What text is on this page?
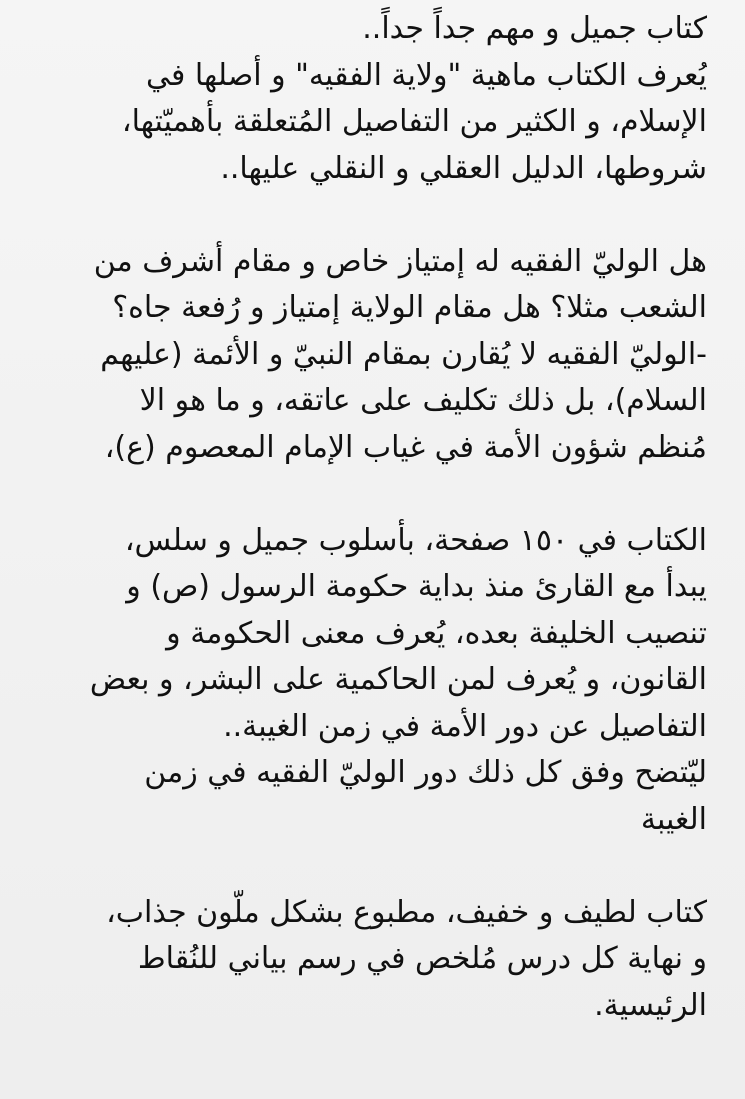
كتاب جميل و مهم جداً جداً..
يُعرف الكتاب ماهية "ولاية الفقيه" و أصلها في
الإسلام، و الكثير من التفاصيل المُتعلقة بأهميّتها،
شروطها، الدليل العقلي و النقلي عليها..
هل الوليّ الفقيه له إمتياز خاص و مقام أشرف من
الشعب مثلا؟ هل مقام الولاية إمتياز و رُفعة جاه؟
-الوليّ الفقيه لا يُقارن بمقام النبيّ و الأئمة (عليهم
السلام)، بل ذلك تكليف على عاتقه، و ما هو الا
مُنظم شؤون الأمة في غياب الإمام المعصوم (ع)،
الكتاب في ١٥٠ صفحة، بأسلوب جميل و سلس،
يبدأ مع القارئ منذ بداية حكومة الرسول (ص) و
تنصيب الخليفة بعده، يُعرف معنى الحكومة و
القانون، و يُعرف لمن الحاكمية على البشر، و بعض
التفاصيل عن دور الأمة في زمن الغيبة..
ليّتضح وفق كل ذلك دور الوليّ الفقيه في زمن
الغيبة
كتاب لطيف و خفيف، مطبوع بشكل ملّون جذاب،
و نهاية كل درس مُلخص في رسم بياني للنُقاط
الرئيسية.
